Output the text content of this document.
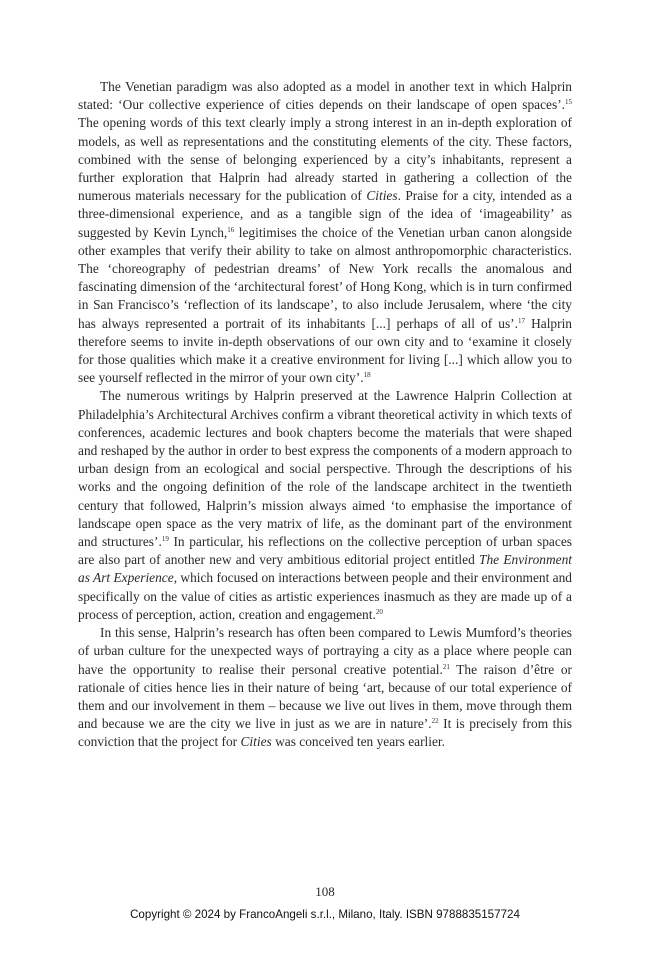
The Venetian paradigm was also adopted as a model in another text in which Halprin stated: ‘Our collective experience of cities depends on their landscape of open spaces’.$^{15}$ The opening words of this text clearly imply a strong interest in an in-depth exploration of models, as well as representations and the constituting elements of the city. These factors, combined with the sense of belonging experienced by a city’s inhabitants, represent a further exploration that Halprin had already started in gathering a collection of the numerous materials necessary for the publication of Cities. Praise for a city, intended as a three-dimensional experience, and as a tangible sign of the idea of ‘imageability’ as suggested by Kevin Lynch,$^{16}$ legitimises the choice of the Venetian urban canon alongside other examples that verify their ability to take on almost anthropomorphic characteristics. The ‘choreography of pedestrian dreams’ of New York recalls the anomalous and fascinating dimension of the ‘architectural forest’ of Hong Kong, which is in turn confirmed in San Francisco’s ‘reflection of its landscape’, to also include Jerusalem, where ‘the city has always represented a portrait of its inhabitants [...] perhaps of all of us’.$^{17}$ Halprin therefore seems to invite in-depth observations of our own city and to ‘examine it closely for those qualities which make it a creative environment for living [...] which allow you to see yourself reflected in the mirror of your own city’.$^{18}$

The numerous writings by Halprin preserved at the Lawrence Halprin Collection at Philadelphia’s Architectural Archives confirm a vibrant theoretical activity in which texts of conferences, academic lectures and book chapters become the materials that were shaped and reshaped by the author in order to best express the components of a modern approach to urban design from an ecological and social perspective. Through the descriptions of his works and the ongoing definition of the role of the landscape architect in the twentieth century that followed, Halprin’s mission always aimed ‘to emphasise the importance of landscape open space as the very matrix of life, as the dominant part of the environment and structures’.$^{19}$ In particular, his reflections on the collective perception of urban spaces are also part of another new and very ambitious editorial project entitled The Environment as Art Experience, which focused on interactions between people and their environment and specifically on the value of cities as artistic experiences inasmuch as they are made up of a process of perception, action, creation and engagement.$^{20}$

In this sense, Halprin’s research has often been compared to Lewis Mumford’s theories of urban culture for the unexpected ways of portraying a city as a place where people can have the opportunity to realise their personal creative potential.$^{21}$ The raison d’être or rationale of cities hence lies in their nature of being ‘art, because of our total experience of them and our involvement in them – because we live out lives in them, move through them and because we are the city we live in just as we are in nature’.$^{22}$ It is precisely from this conviction that the project for Cities was conceived ten years earlier.

108
Copyright © 2024 by FrancoAngeli s.r.l., Milano, Italy. ISBN 9788835157724
